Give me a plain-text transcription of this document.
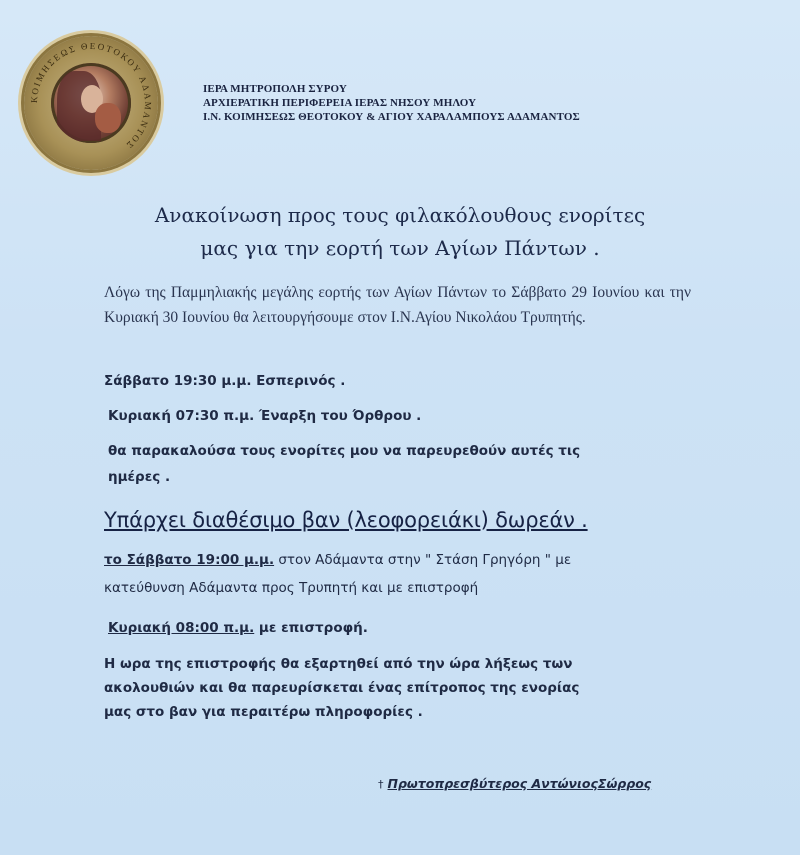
ΚΟΙΜΗΣΕΩΣ ΘΕΟΤΟΚΟΥ ΑΔΑΜΑΝΤΟΣ
ΙΕΡΑ ΜΗΤΡΟΠΟΛΗ ΣΥΡΟΥ
ΑΡΧΙΕΡΑΤΙΚΗ ΠΕΡΙΦΕΡΕΙΑ ΙΕΡΑΣ ΝΗΣΟΥ ΜΗΛΟΥ
Ι.Ν. ΚΟΙΜΗΣΕΩΣ ΘΕΟΤΟΚΟΥ & ΑΓΙΟΥ ΧΑΡΑΛΑΜΠΟΥΣ ΑΔΑΜΑΝΤΟΣ
Ανακοίνωση προς τους φιλακόλουθους ενορίτες
μας για την εορτή των Αγίων Πάντων .
Λόγω της Παμμηλιακής μεγάλης εορτής των Αγίων Πάντων το Σάββατο 29 Ιουνίου και την Κυριακή 30 Ιουνίου θα λειτουργήσουμε στον Ι.Ν.Αγίου Νικολάου Τρυπητής.
Σάββατο 19:30 μ.μ. Εσπερινός .
Κυριακή 07:30 π.μ. Έναρξη του Όρθρου .
θα παρακαλούσα τους ενορίτες μου να παρευρεθούν αυτές τις
ημέρες .
Υπάρχει διαθέσιμο βαν (λεοφορειάκι) δωρεάν .
το Σάββατο 19:00 μ.μ. στον Αδάμαντα στην " Στάση Γρηγόρη " με
κατεύθυνση Αδάμαντα προς Τρυπητή και με επιστροφή
Κυριακή 08:00 π.μ. με επιστροφή.
Η ωρα της επιστροφής θα εξαρτηθεί από την ώρα λήξεως των
ακολουθιών και θα παρευρίσκεται ένας επίτροπος της ενορίας
μας στο βαν για περαιτέρω πληροφορίες .
† Πρωτοπρεσβύτερος ΑντώνιοςΣώρρος
